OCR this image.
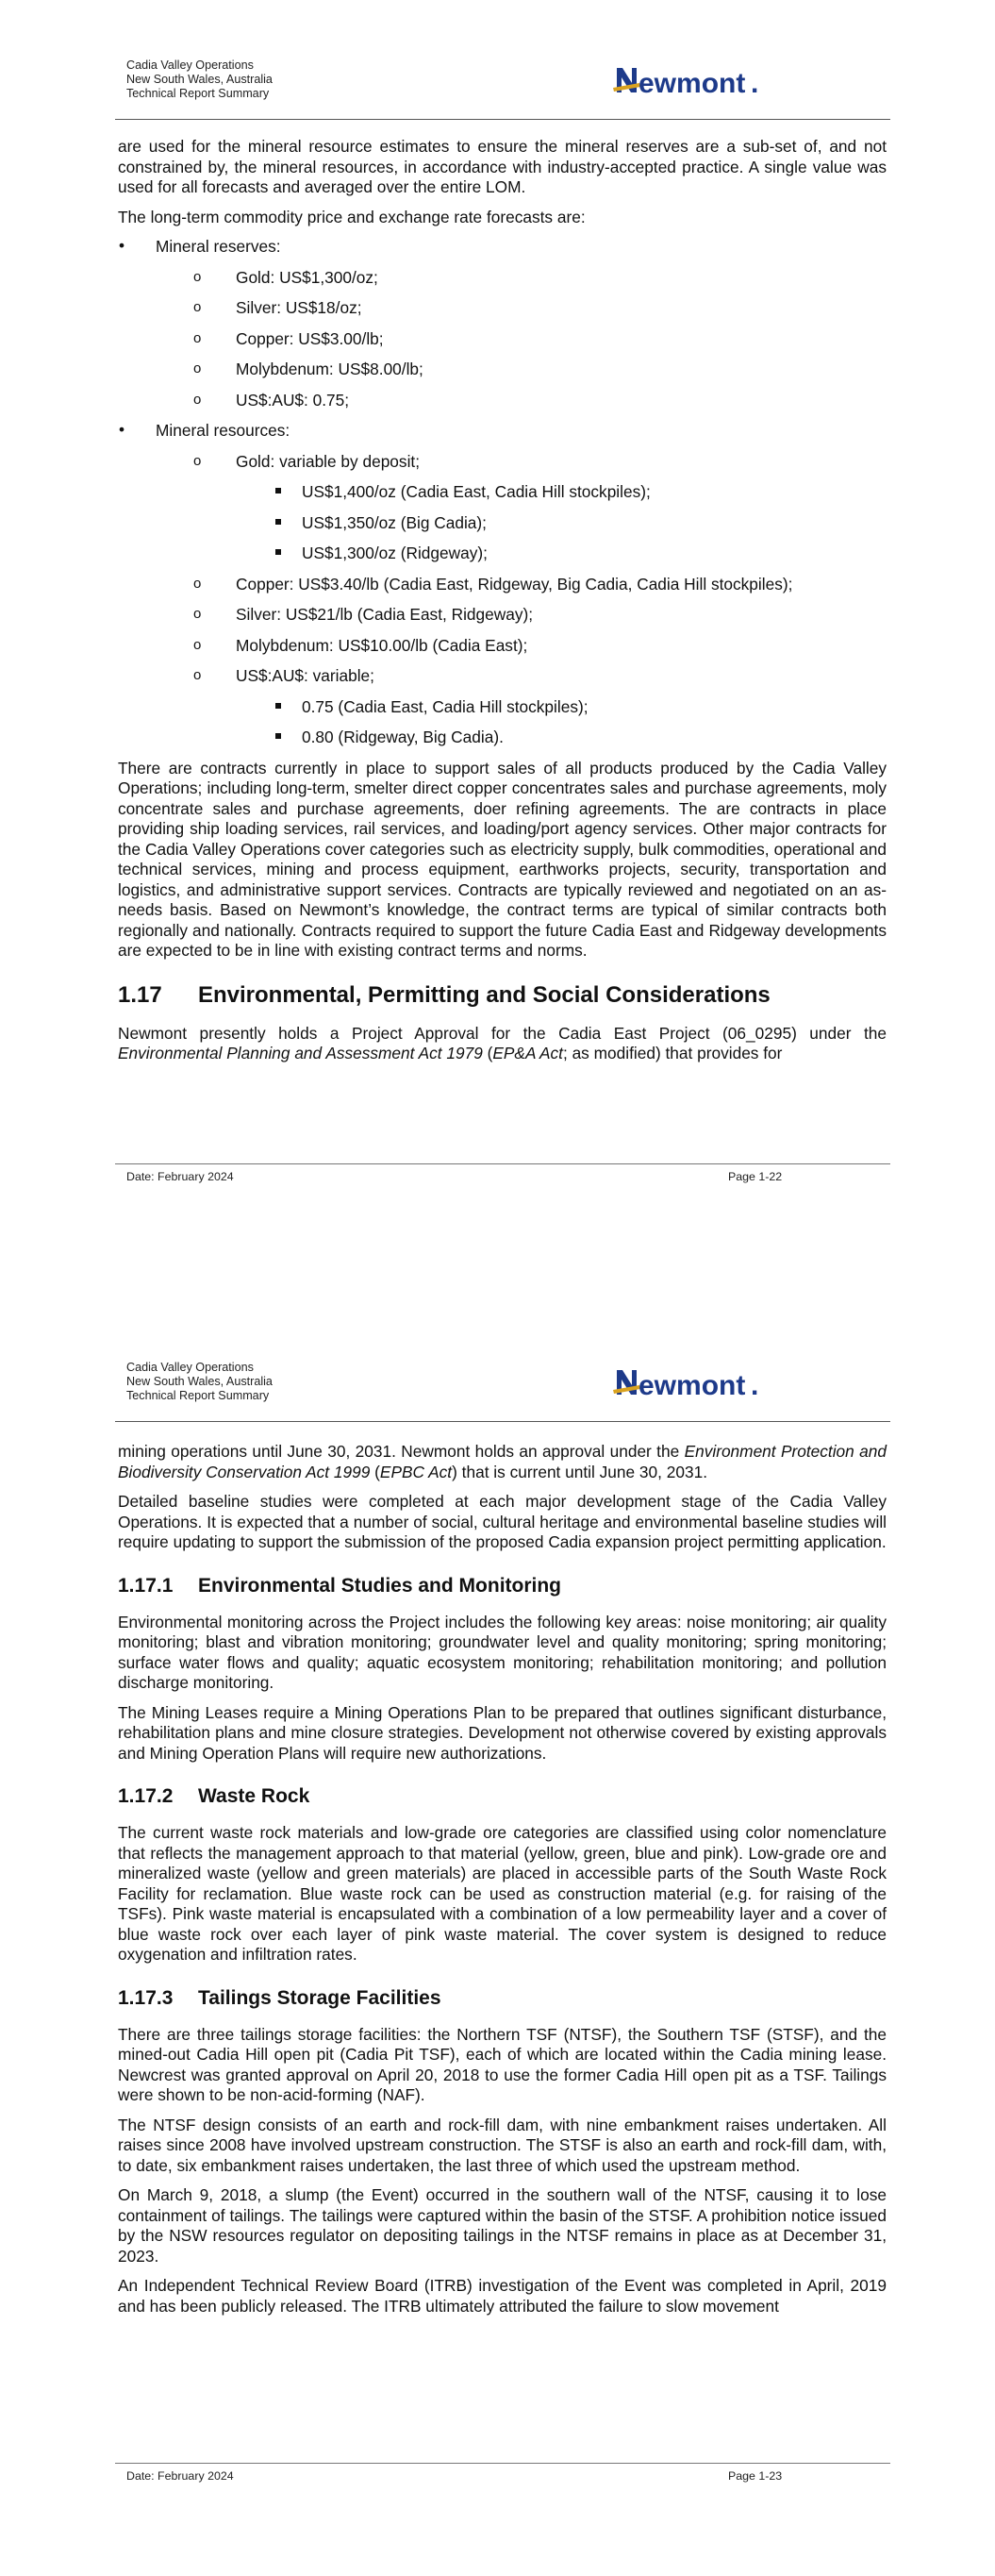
Cadia Valley Operations
New South Wales, Australia
Technical Report Summary	ewmont .

are used for the mineral resource estimates to ensure the mineral reserves are a sub-set of, and not constrained by, the mineral resources, in accordance with industry-accepted practice. A single value was used for all forecasts and averaged over the entire LOM.

The long-term commodity price and exchange rate forecasts are:

• Mineral reserves:
o Gold: US$1,300/oz;
o Silver: US$18/oz;
o Copper: US$3.00/lb;
o Molybdenum: US$8.00/lb;
o US$:AU$: 0.75;
• Mineral resources:
o Gold: variable by deposit;
US$1,400/oz (Cadia East, Cadia Hill stockpiles);
US$1,350/oz (Big Cadia);
US$1,300/oz (Ridgeway);
o Copper: US$3.40/lb (Cadia East, Ridgeway, Big Cadia, Cadia Hill stockpiles);
o Silver: US$21/lb (Cadia East, Ridgeway);
o Molybdenum: US$10.00/lb (Cadia East);
o US$:AU$: variable;
0.75 (Cadia East, Cadia Hill stockpiles);
0.80 (Ridgeway, Big Cadia).

There are contracts currently in place to support sales of all products produced by the Cadia Valley Operations; including long-term, smelter direct copper concentrates sales and purchase agreements, moly concentrate sales and purchase agreements, doer refining agreements. The are contracts in place providing ship loading services, rail services, and loading/port agency services. Other major contracts for the Cadia Valley Operations cover categories such as electricity supply, bulk commodities, operational and technical services, mining and process equipment, earthworks projects, security, transportation and logistics, and administrative support services. Contracts are typically reviewed and negotiated on an as-needs basis. Based on Newmont’s knowledge, the contract terms are typical of similar contracts both regionally and nationally. Contracts required to support the future Cadia East and Ridgeway developments are expected to be in line with existing contract terms and norms.

1.17 Environmental, Permitting and Social Considerations

Newmont presently holds a Project Approval for the Cadia East Project (06_0295) under the Environmental Planning and Assessment Act 1979 (EP&A Act; as modified) that provides for

Date: February 2024	Page 1-22
Cadia Valley Operations
New South Wales, Australia
Technical Report Summary	ewmont .

mining operations until June 30, 2031. Newmont holds an approval under the Environment Protection and Biodiversity Conservation Act 1999 (EPBC Act) that is current until June 30, 2031.

Detailed baseline studies were completed at each major development stage of the Cadia Valley Operations. It is expected that a number of social, cultural heritage and environmental baseline studies will require updating to support the submission of the proposed Cadia expansion project permitting application.

1.17.1 Environmental Studies and Monitoring

Environmental monitoring across the Project includes the following key areas: noise monitoring; air quality monitoring; blast and vibration monitoring; groundwater level and quality monitoring; spring monitoring; surface water flows and quality; aquatic ecosystem monitoring; rehabilitation monitoring; and pollution discharge monitoring.

The Mining Leases require a Mining Operations Plan to be prepared that outlines significant disturbance, rehabilitation plans and mine closure strategies. Development not otherwise covered by existing approvals and Mining Operation Plans will require new authorizations.

1.17.2 Waste Rock

The current waste rock materials and low-grade ore categories are classified using color nomenclature that reflects the management approach to that material (yellow, green, blue and pink). Low-grade ore and mineralized waste (yellow and green materials) are placed in accessible parts of the South Waste Rock Facility for reclamation. Blue waste rock can be used as construction material (e.g. for raising of the TSFs). Pink waste material is encapsulated with a combination of a low permeability layer and a cover of blue waste rock over each layer of pink waste material. The cover system is designed to reduce oxygenation and infiltration rates.

1.17.3 Tailings Storage Facilities

There are three tailings storage facilities: the Northern TSF (NTSF), the Southern TSF (STSF), and the mined-out Cadia Hill open pit (Cadia Pit TSF), each of which are located within the Cadia mining lease. Newcrest was granted approval on April 20, 2018 to use the former Cadia Hill open pit as a TSF. Tailings were shown to be non-acid-forming (NAF).

The NTSF design consists of an earth and rock-fill dam, with nine embankment raises undertaken. All raises since 2008 have involved upstream construction. The STSF is also an earth and rock-fill dam, with, to date, six embankment raises undertaken, the last three of which used the upstream method.

On March 9, 2018, a slump (the Event) occurred in the southern wall of the NTSF, causing it to lose containment of tailings. The tailings were captured within the basin of the STSF. A prohibition notice issued by the NSW resources regulator on depositing tailings in the NTSF remains in place as at December 31, 2023.

An Independent Technical Review Board (ITRB) investigation of the Event was completed in April, 2019 and has been publicly released. The ITRB ultimately attributed the failure to slow movement

Date: February 2024	Page 1-23
